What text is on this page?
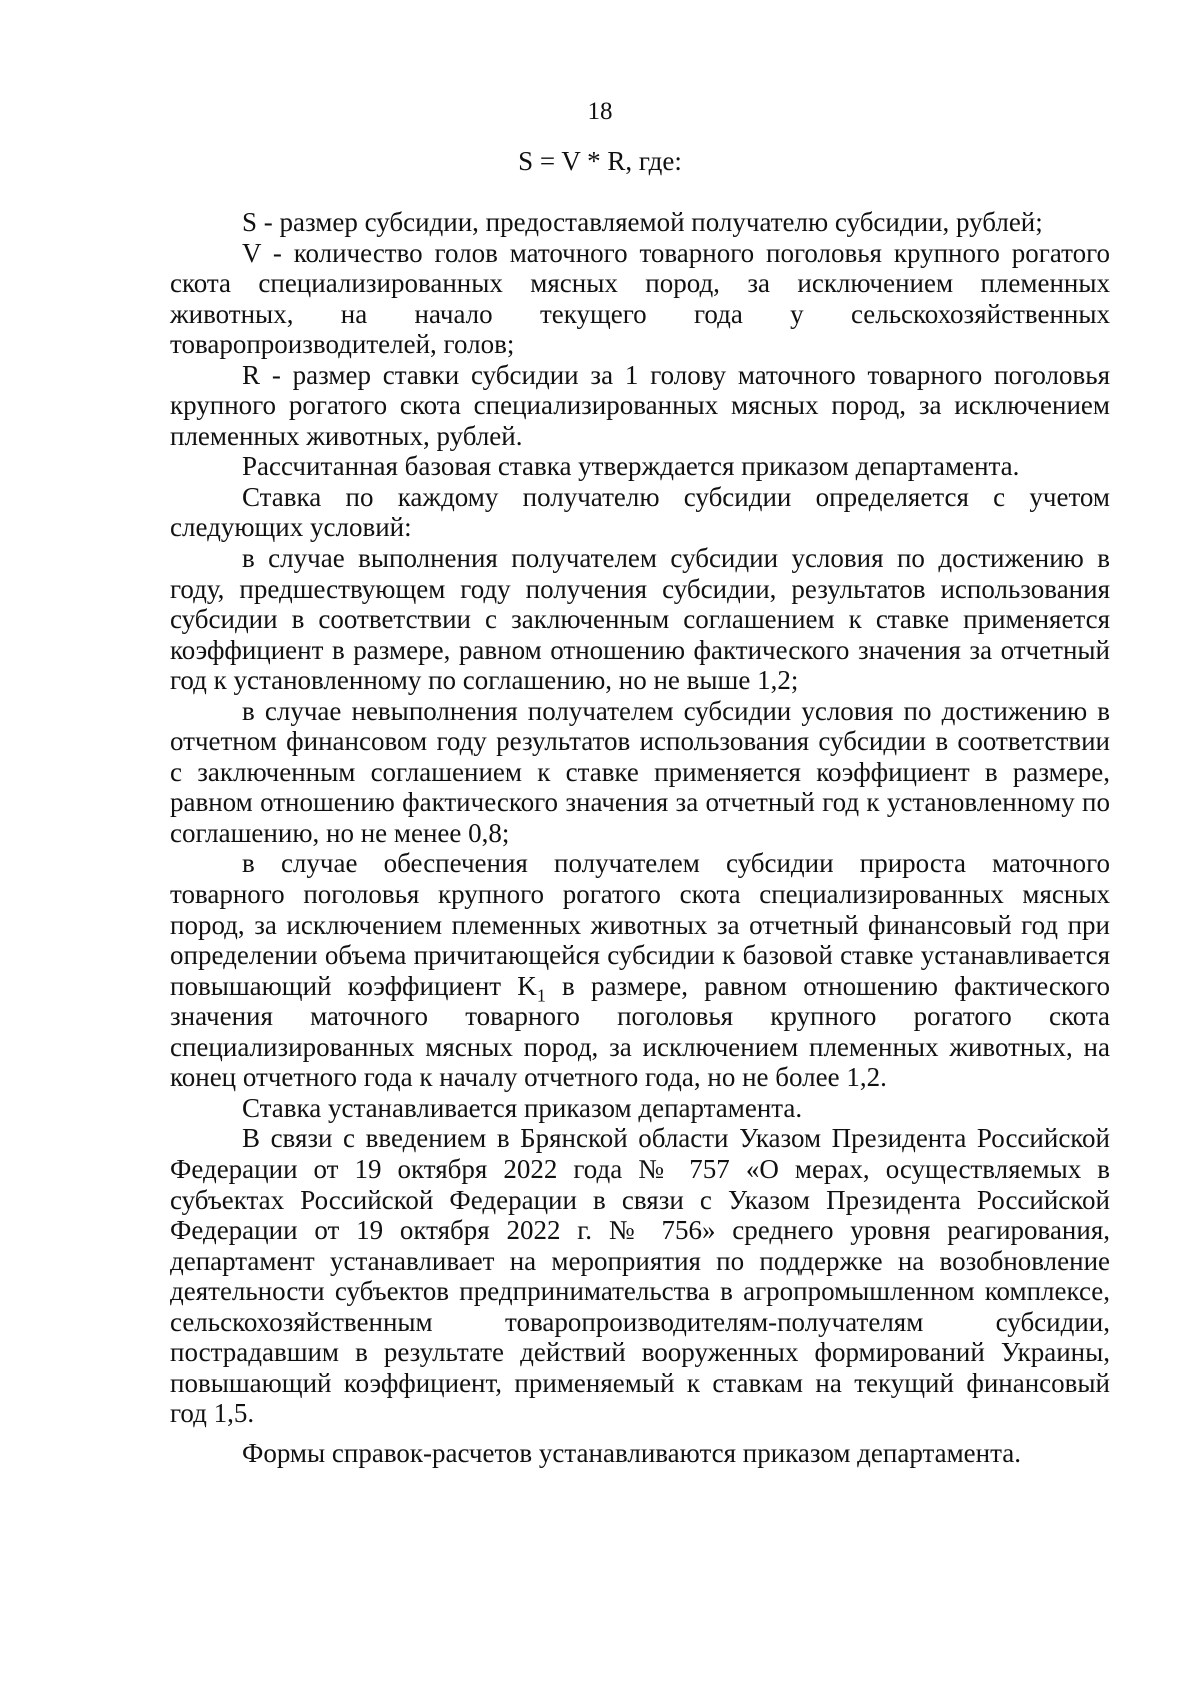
18
S = V * R, где:

S - размер субсидии, предоставляемой получателю субсидии, рублей;

V - количество голов маточного товарного поголовья крупного рогатого скота специализированных мясных пород, за исключением племенных животных, на начало текущего года у сельскохозяйственных товаропроизводителей, голов;

R - размер ставки субсидии за 1 голову маточного товарного поголовья крупного рогатого скота специализированных мясных пород, за исключением племенных животных, рублей.

Рассчитанная базовая ставка утверждается приказом департамента.

Ставка по каждому получателю субсидии определяется с учетом следующих условий:

в случае выполнения получателем субсидии условия по достижению в году, предшествующем году получения субсидии, результатов использования субсидии в соответствии с заключенным соглашением к ставке применяется коэффициент в размере, равном отношению фактического значения за отчетный год к установленному по соглашению, но не выше 1,2;

в случае невыполнения получателем субсидии условия по достижению в отчетном финансовом году результатов использования субсидии в соответствии с заключенным соглашением к ставке применяется коэффициент в размере, равном отношению фактического значения за отчетный год к установленному по соглашению, но не менее 0,8;

в случае обеспечения получателем субсидии прироста маточного товарного поголовья крупного рогатого скота специализированных мясных пород, за исключением племенных животных за отчетный финансовый год при определении объема причитающейся субсидии к базовой ставке устанавливается повышающий коэффициент $K_1$ в размере, равном отношению фактического значения маточного товарного поголовья крупного рогатого скота специализированных мясных пород, за исключением племенных животных, на конец отчетного года к началу отчетного года, но не более 1,2.

Ставка устанавливается приказом департамента.

В связи с введением в Брянской области Указом Президента Российской Федерации от 19 октября 2022 года № 757 «О мерах, осуществляемых в субъектах Российской Федерации в связи с Указом Президента Российской Федерации от 19 октября 2022 г. № 756» среднего уровня реагирования, департамент устанавливает на мероприятия по поддержке на возобновление деятельности субъектов предпринимательства в агропромышленном комплексе, сельскохозяйственным товаропроизводителям-получателям субсидии, пострадавшим в результате действий вооруженных формирований Украины, повышающий коэффициент, применяемый к ставкам на текущий финансовый год 1,5.

Формы справок-расчетов устанавливаются приказом департамента.
